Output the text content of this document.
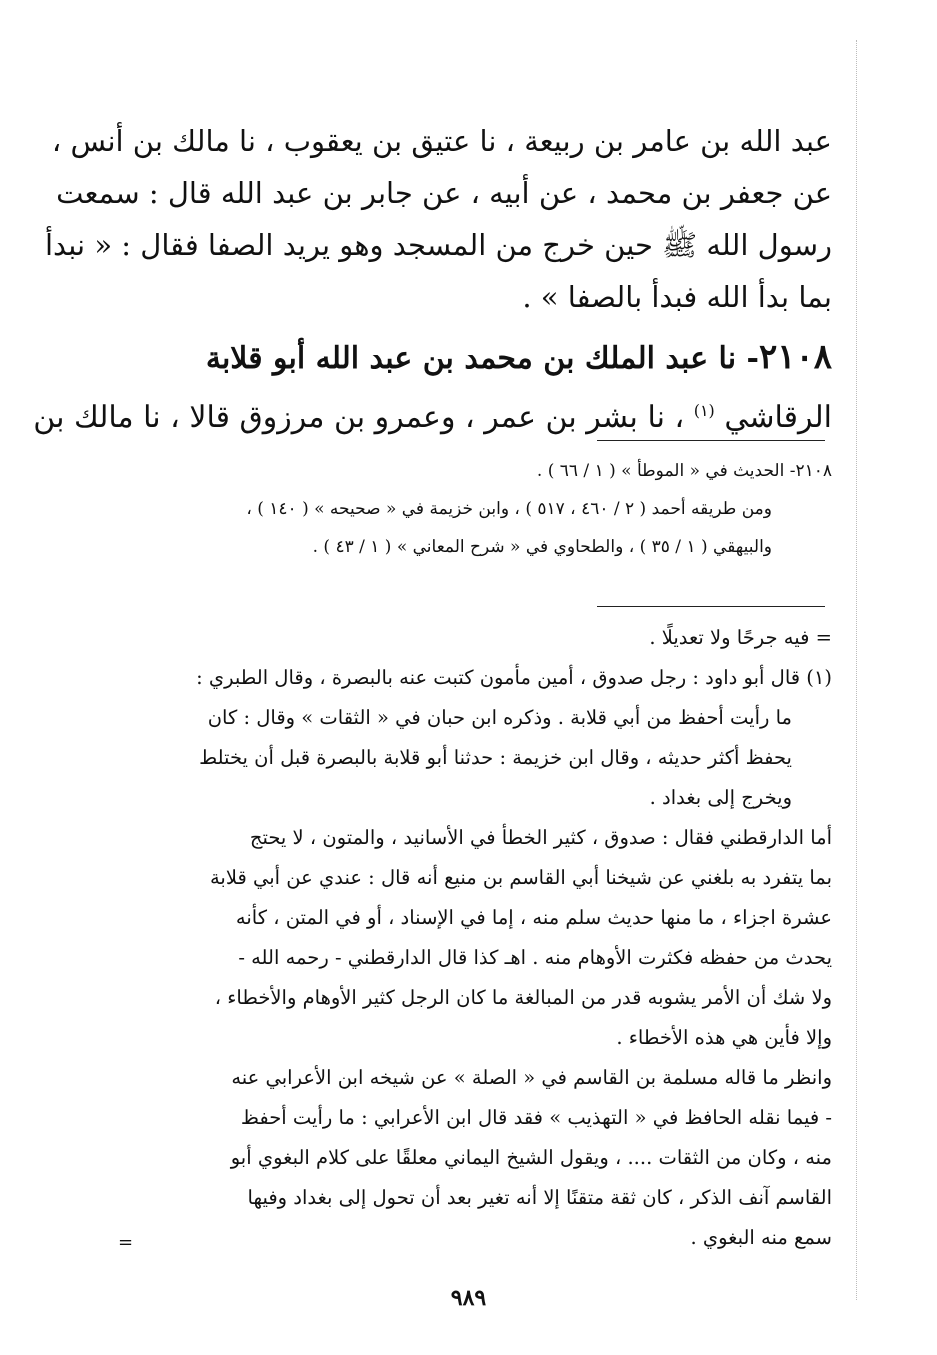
عبد الله بن عامر بن ربيعة ، نا عتيق بن يعقوب ، نا مالك بن أنس ،
عن جعفر بن محمد ، عن أبيه ، عن جابر بن عبد الله قال : سمعت
رسول الله ﷺ حين خرج من المسجد وهو يريد الصفا فقال : « نبدأ
بما بدأ الله فبدأ بالصفا » .
٢١٠٨- نا عبد الملك بن محمد بن عبد الله أبو قلابة
الرقاشي $^{(١)}$ ، نا بشر بن عمر ، وعمرو بن مرزوق قالا ، نا مالك بن
٢١٠٨- الحديث في « الموطأ » ( ١ / ٦٦ ) .
ومن طريقه أحمد ( ٢ / ٤٦٠ ، ٥١٧ ) ، وابن خزيمة في « صحيحه » ( ١٤٠ ) ،
والبيهقي ( ١ / ٣٥ ) ، والطحاوي في « شرح المعاني » ( ١ / ٤٣ ) .
= فيه جرحًا ولا تعديلًا .
(١) قال أبو داود : رجل صدوق ، أمين مأمون كتبت عنه بالبصرة ، وقال الطبري :
ما رأيت أحفظ من أبي قلابة . وذكره ابن حبان في « الثقات » وقال : كان
يحفظ أكثر حديثه ، وقال ابن خزيمة : حدثنا أبو قلابة بالبصرة قبل أن يختلط
ويخرج إلى بغداد .
أما الدارقطني فقال : صدوق ، كثير الخطأ في الأسانيد ، والمتون ، لا يحتج
بما يتفرد به بلغني عن شيخنا أبي القاسم بن منيع أنه قال : عندي عن أبي قلابة
عشرة اجزاء ، ما منها حديث سلم منه ، إما في الإسناد ، أو في المتن ، كأنه
يحدث من حفظه فكثرت الأوهام منه . اهـ كذا قال الدارقطني - رحمه الله -
ولا شك أن الأمر يشوبه قدر من المبالغة ما كان الرجل كثير الأوهام والأخطاء ،
وإلا فأين هي هذه الأخطاء .
وانظر ما قاله مسلمة بن القاسم في « الصلة » عن شيخه ابن الأعرابي عنه
- فيما نقله الحافظ في « التهذيب » فقد قال ابن الأعرابي : ما رأيت أحفظ
منه ، وكان من الثقات .... ، ويقول الشيخ اليماني معلقًا على كلام البغوي أبو
القاسم آنف الذكر ، كان ثقة متقنًا إلا أنه تغير بعد أن تحول إلى بغداد وفيها
سمع منه البغوي .
=
٩٨٩
